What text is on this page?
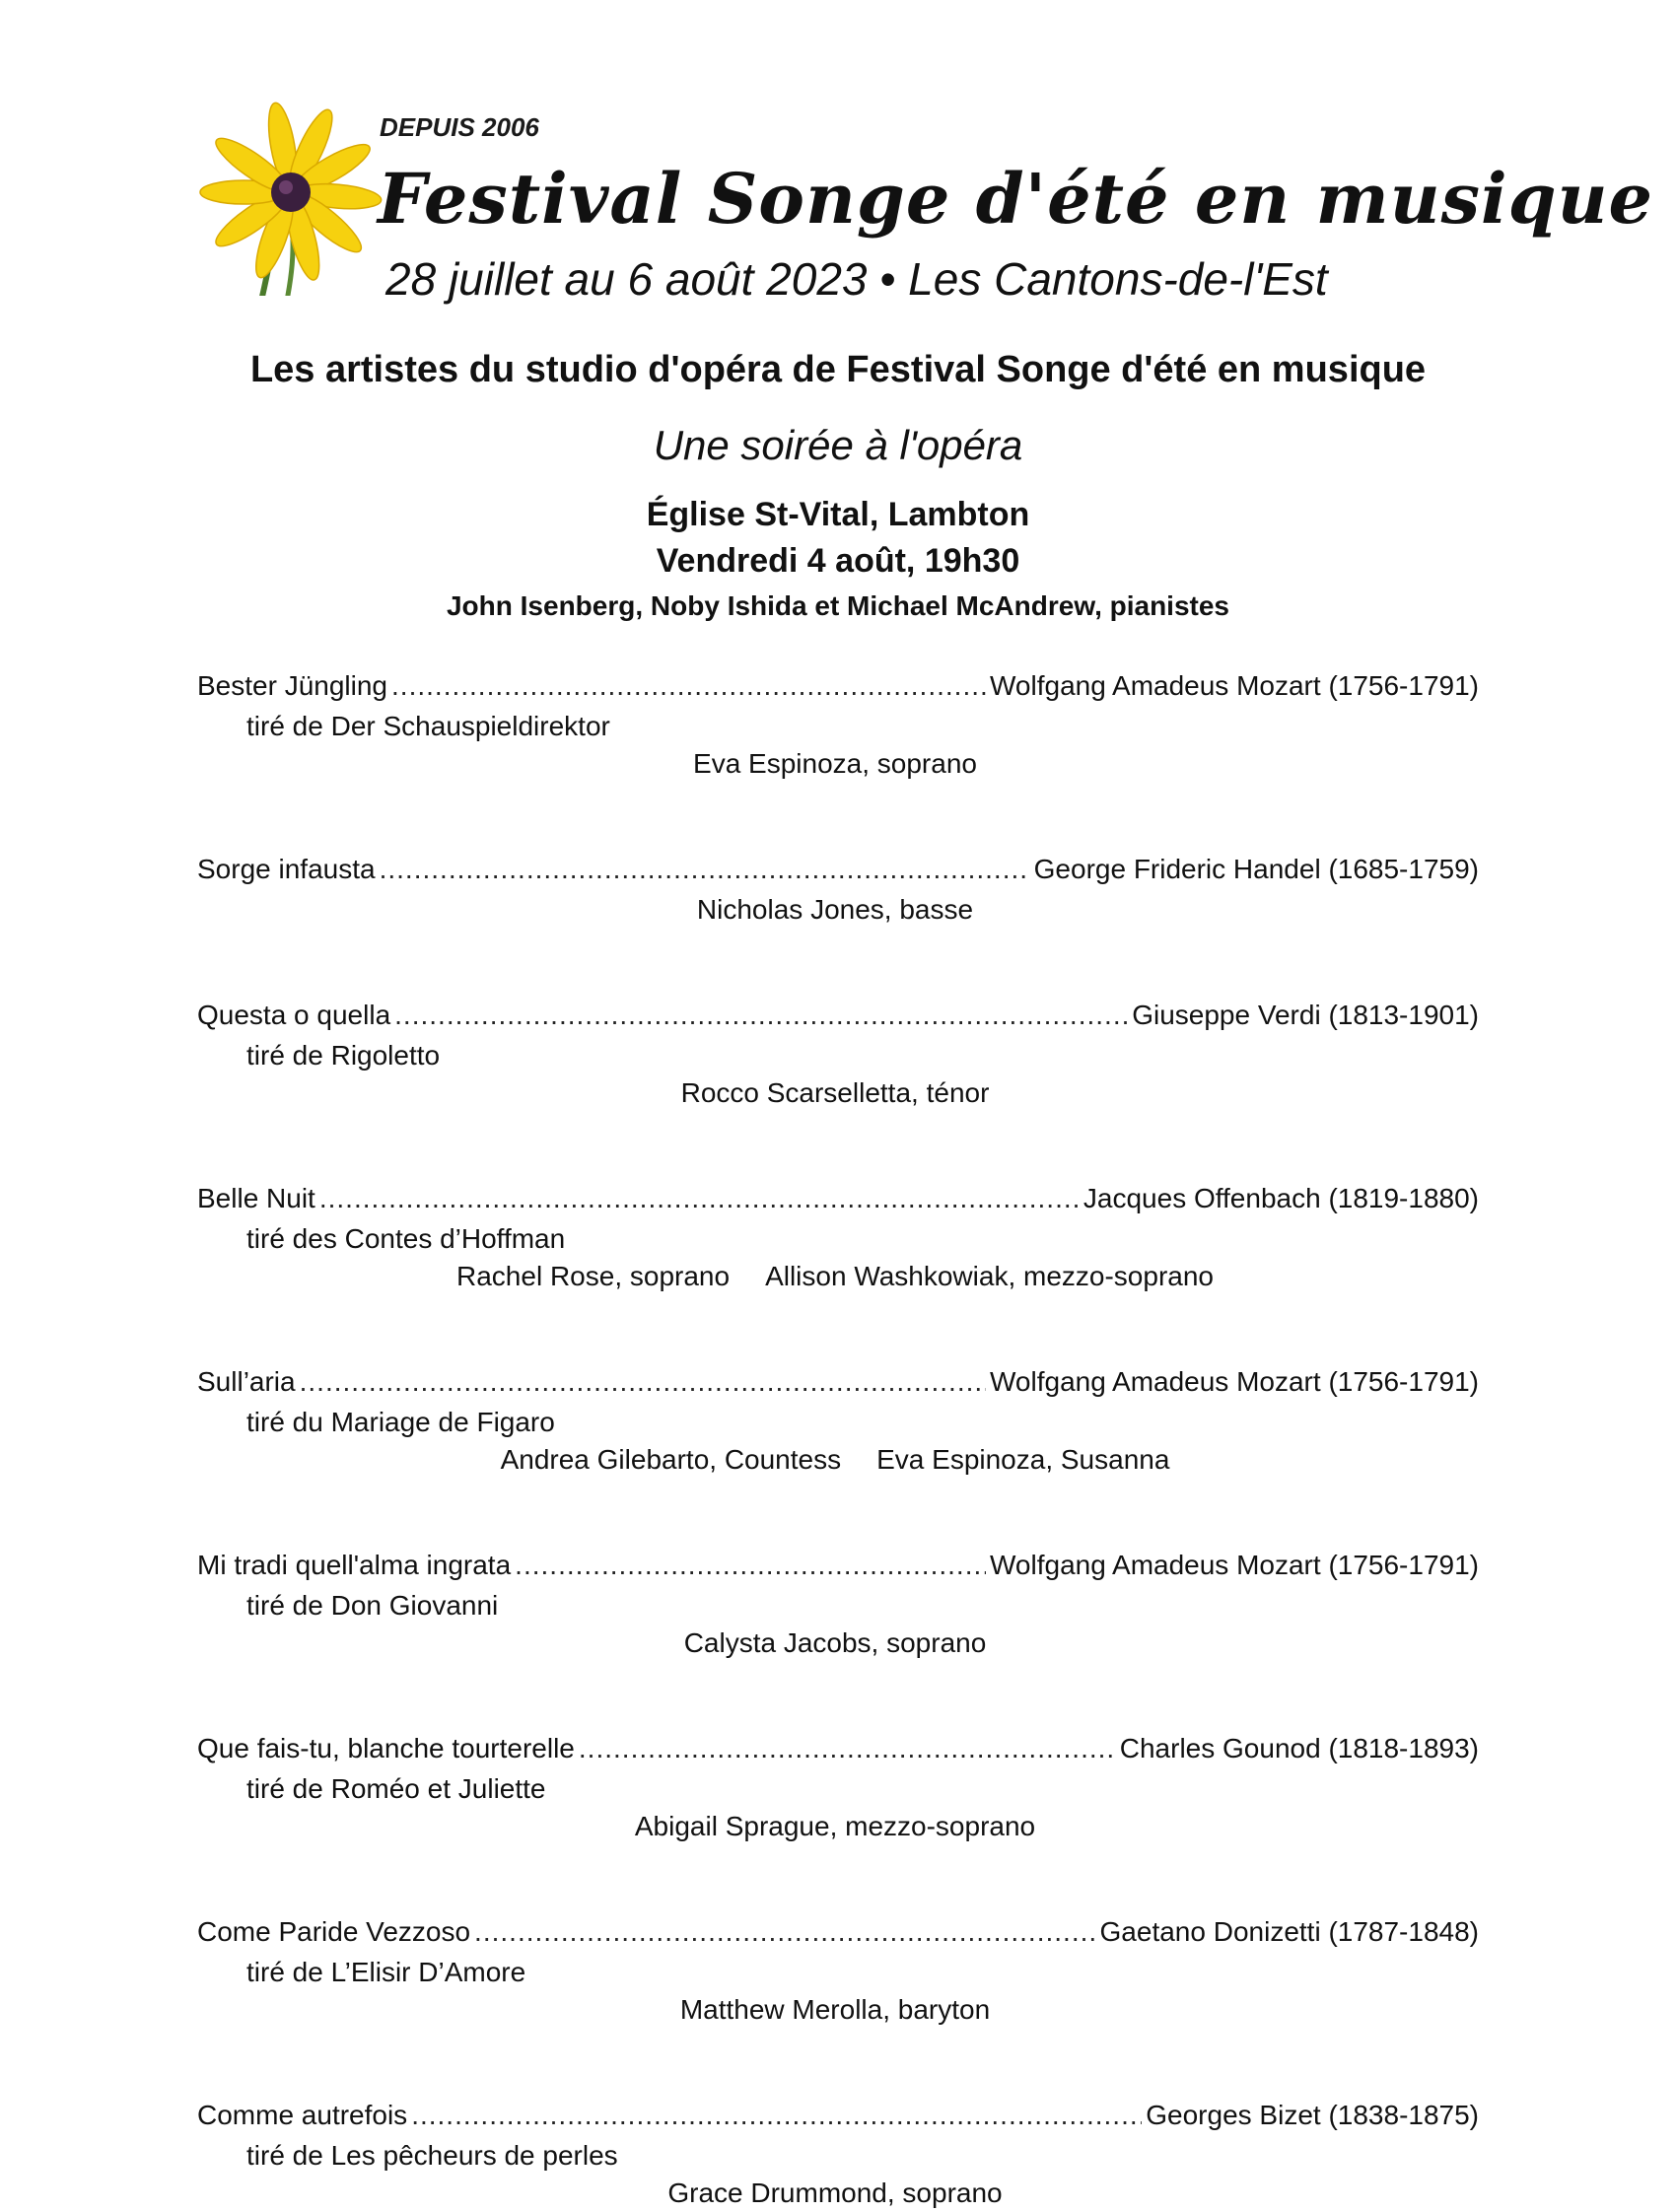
DEPUIS 2006
Festival Songe d'été en musique
28 juillet au 6 août 2023 • Les Cantons-de-l'Est
Les artistes du studio d'opéra de Festival Songe d'été en musique
Une soirée à l'opéra
Église St-Vital, Lambton
Vendredi 4 août, 19h30
John Isenberg, Noby Ishida et Michael McAndrew, pianistes
Bester Jüngling .....	Wolfgang Amadeus Mozart (1756-1791)
tiré de Der Schauspieldirektor
Eva Espinoza, soprano
Sorge infausta .....	George Frideric Handel (1685-1759)
Nicholas Jones, basse
Questa o quella .....	Giuseppe Verdi (1813-1901)
tiré de Rigoletto
Rocco Scarselletta, ténor
Belle Nuit .....	Jacques Offenbach (1819-1880)
tiré des Contes d’Hoffman
Rachel Rose, soprano Allison Washkowiak, mezzo-soprano
Sull’aria .....	Wolfgang Amadeus Mozart (1756-1791)
tiré du Mariage de Figaro
Andrea Gilebarto, Countess Eva Espinoza, Susanna
Mi tradi quell'alma ingrata .....	Wolfgang Amadeus Mozart (1756-1791)
tiré de Don Giovanni
Calysta Jacobs, soprano
Que fais-tu, blanche tourterelle .....	Charles Gounod (1818-1893)
tiré de Roméo et Juliette
Abigail Sprague, mezzo-soprano
Come Paride Vezzoso .....	Gaetano Donizetti (1787-1848)
tiré de L’Elisir D’Amore
Matthew Merolla, baryton
Comme autrefois .....	Georges Bizet (1838-1875)
tiré de Les pêcheurs de perles
Grace Drummond, soprano
